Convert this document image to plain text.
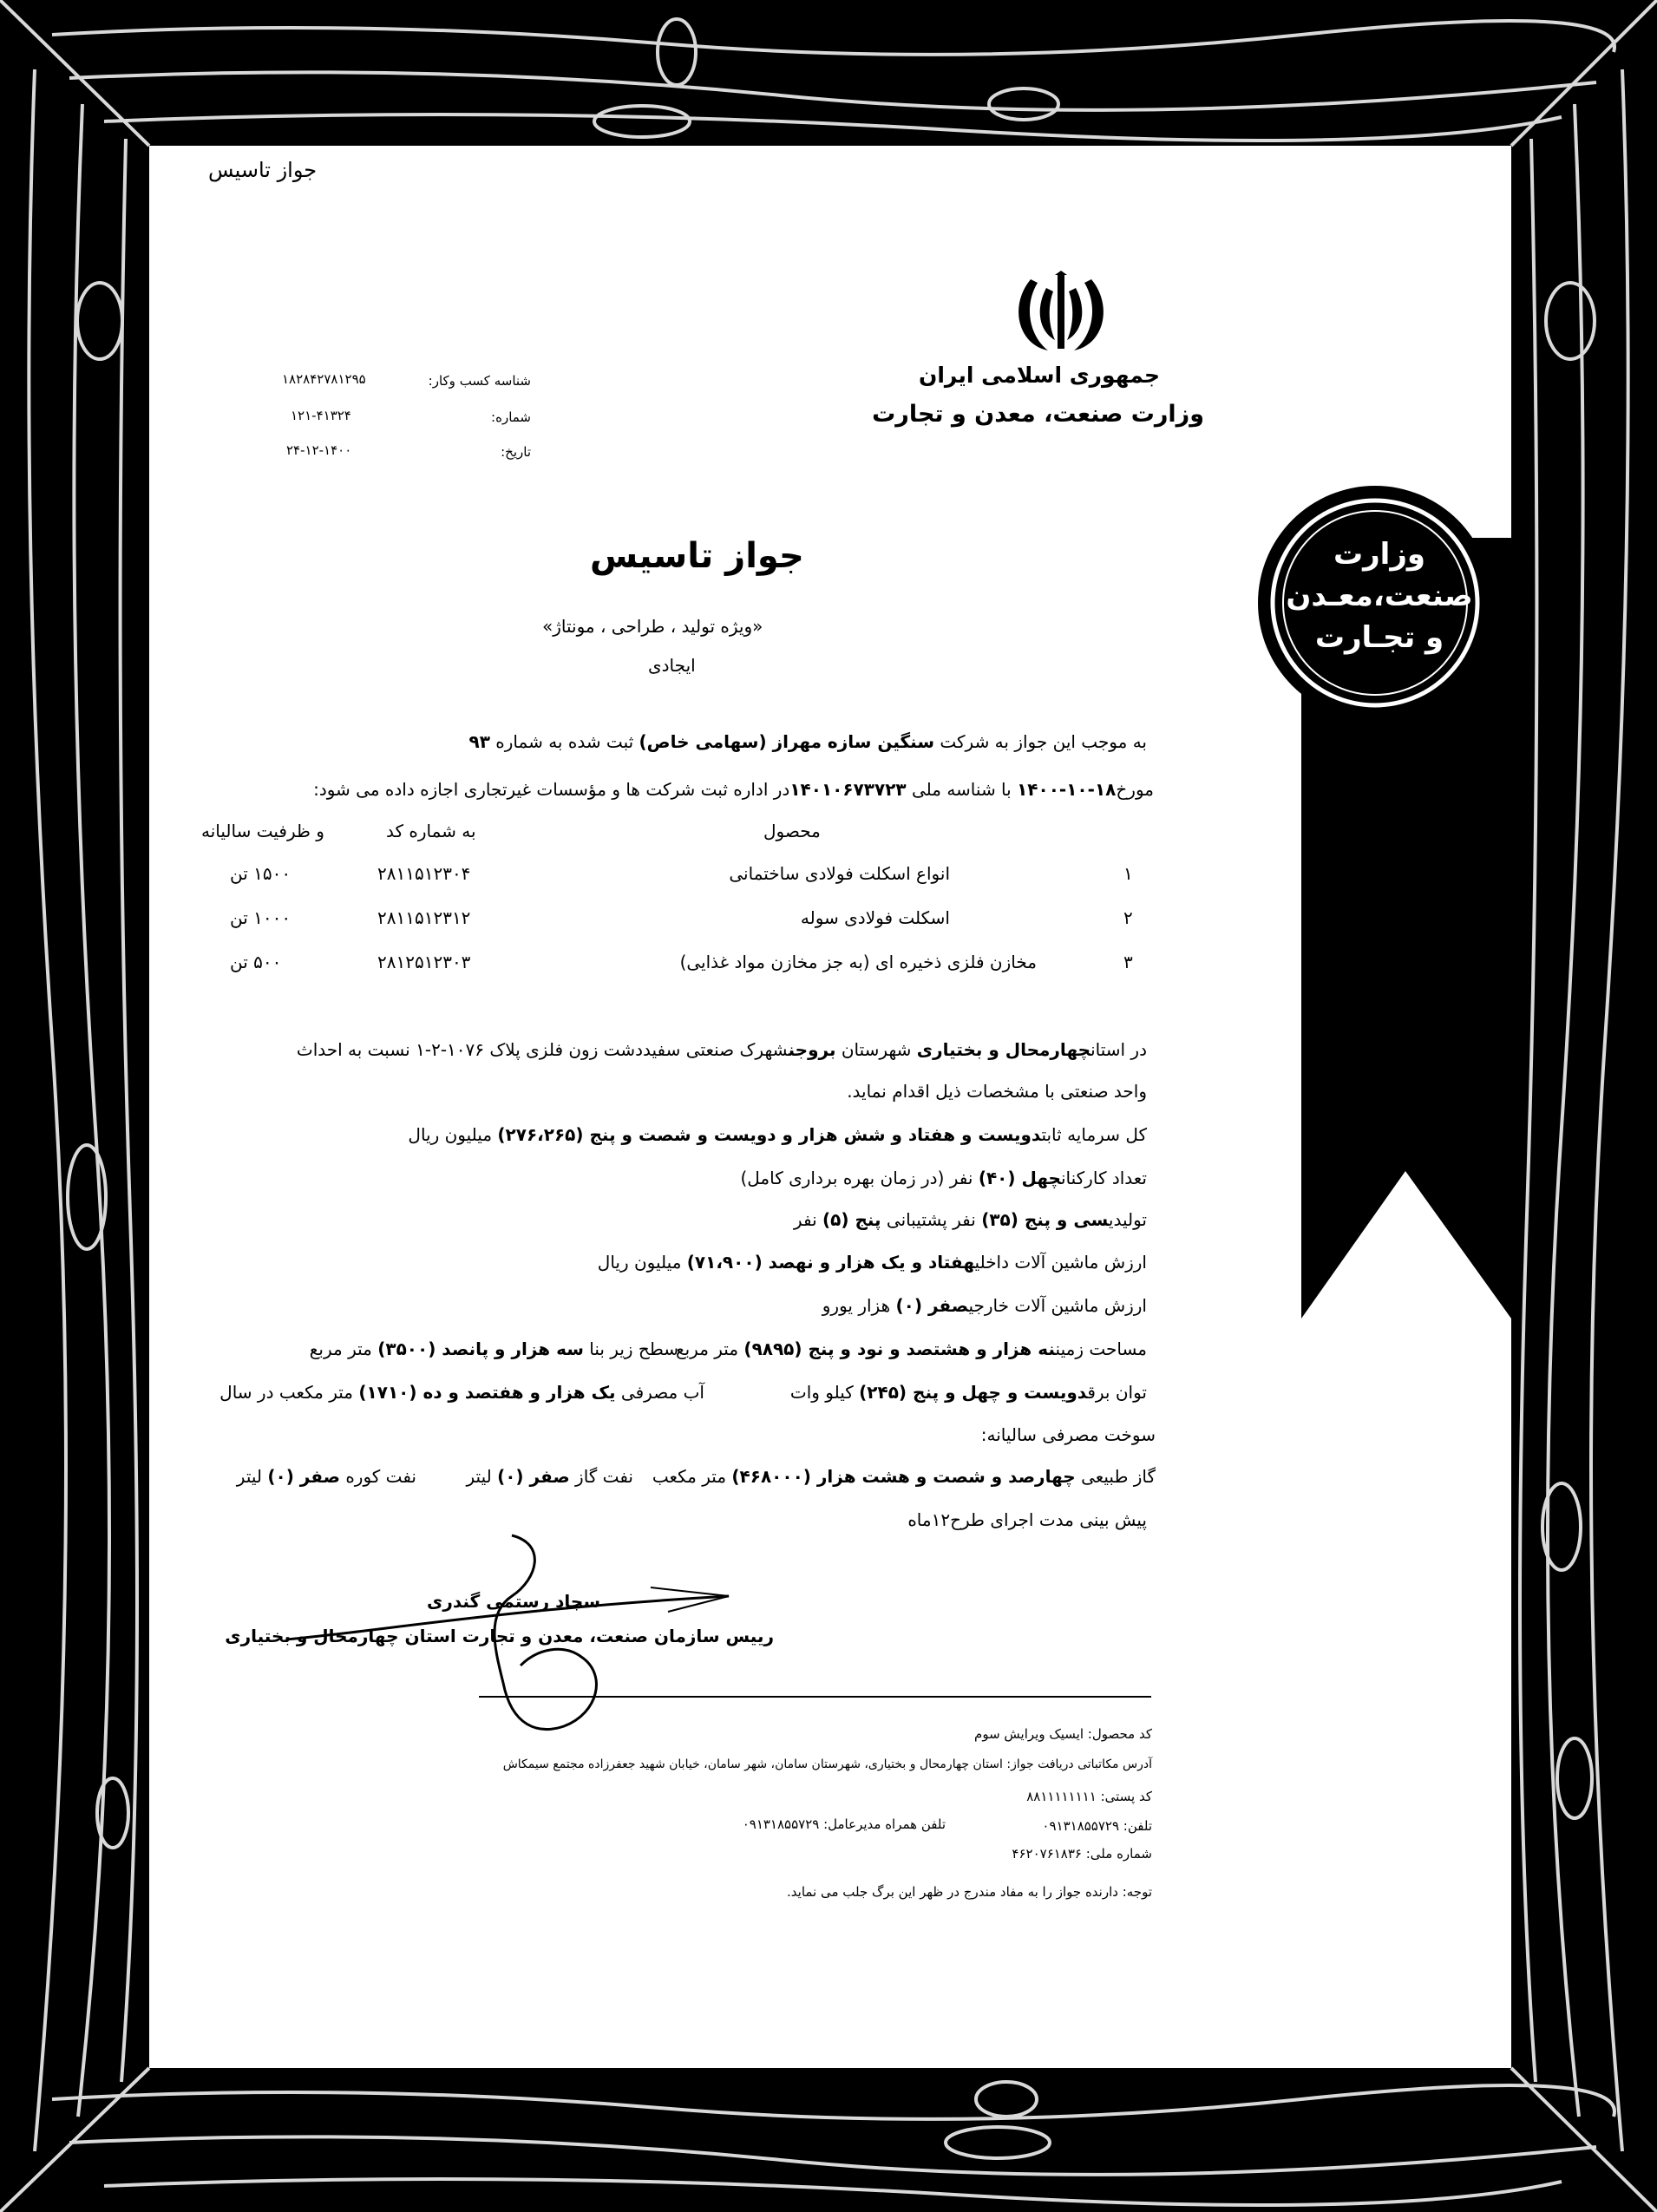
وزارت
صنعت،معـدن
و تجـارت
جواز تاسیس
جمهوری اسلامی ایران
وزارت صنعت، معدن و تجارت
شناسه کسب وکار:
۱۸۲۸۴۲۷۸۱۲۹۵
شماره:
۱۲۱-۴۱۳۲۴
تاریخ:
۲۴-۱۲-۱۴۰۰
جواز تاسیس
«ویژه تولید ، طراحی ، مونتاژ»
ایجادی
به موجب این جواز به شرکت سنگین سازه مهراز (سهامی خاص) ثبت شده به شماره ۹۳
مورخ۱۸-۱۰-۱۴۰۰ با شناسه ملی ۱۴۰۱۰۶۷۳۷۲۳در اداره ثبت شرکت ها و مؤسسات غیرتجاری اجازه داده می شود:
محصول
به شماره کد
و ظرفیت سالیانه
۱
انواع اسکلت فولادی ساختمانی
۲۸۱۱۵۱۲۳۰۴
۱۵۰۰ تن
۲
اسکلت فولادی سوله
۲۸۱۱۵۱۲۳۱۲
۱۰۰۰ تن
۳
مخازن فلزی ذخیره ای (به جز مخازن مواد غذایی)
۲۸۱۲۵۱۲۳۰۳
۵۰۰ تن
در استانچهارمحال و بختیاری شهرستان بروجنشهرک صنعتی سفیددشت زون فلزی پلاک ۱۰۷۶-۲-۱ نسبت به احداث
واحد صنعتی با مشخصات ذیل اقدام نماید.
کل سرمایه ثابتدویست و هفتاد و شش هزار و دویست و شصت و پنج (۲۷۶،۲۶۵) میلیون ریال
تعداد کارکنانچهل (۴۰) نفر (در زمان بهره برداری کامل)
تولیدیسی و پنج (۳۵) نفر پشتیبانی پنج (۵) نفر
ارزش ماشین آلات داخلیهفتاد و یک هزار و نهصد (۷۱،۹۰۰) میلیون ریال
ارزش ماشین آلات خارجیصفر (۰) هزار یورو
مساحت زمیننه هزار و هشتصد و نود و پنج (۹۸۹۵) متر مربع
سطح زیر بنا سه هزار و پانصد (۳۵۰۰) متر مربع
توان برقدویست و چهل و پنج (۲۴۵) کیلو وات
آب مصرفی یک هزار و هفتصد و ده (۱۷۱۰) متر مکعب در سال
سوخت مصرفی سالیانه:
گاز طبیعی چهارصد و شصت و هشت هزار (۴۶۸۰۰۰) متر مکعب
نفت گاز صفر (۰) لیتر
نفت کوره صفر (۰) لیتر
پیش بینی مدت اجرای طرح۱۲ماه
سجاد رستمی گندری
رییس سازمان صنعت، معدن و تجارت استان چهارمحال و بختیاری
کد محصول: ایسیک ویرایش سوم
آدرس مکاتباتی دریافت جواز: استان چهارمحال و بختیاری، شهرستان سامان، شهر سامان، خیابان شهید جعفرزاده مجتمع سیمکاش
کد پستی: ۸۸۱۱۱۱۱۱۱۱
تلفن: ۰۹۱۳۱۸۵۵۷۲۹
تلفن همراه مدیرعامل: ۰۹۱۳۱۸۵۵۷۲۹
شماره ملی: ۴۶۲۰۷۶۱۸۳۶
توجه: دارنده جواز را به مفاد مندرج در ظهر این برگ جلب می نماید.
